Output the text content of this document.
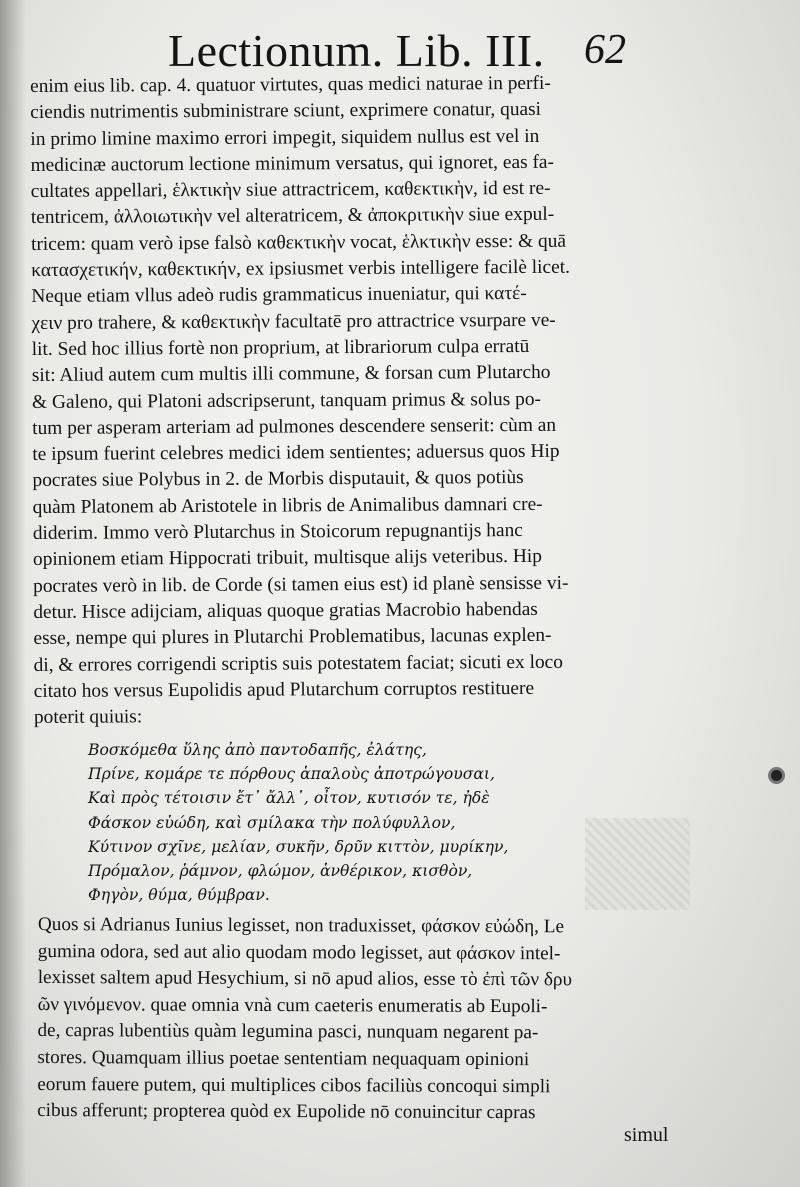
Lectionum. Lib. III. 62
enim eius lib. cap. 4. quatuor virtutes, quas medici naturae in perfi-
ciendis nutrimentis subministrare sciunt, exprimere conatur, quasi
in primo limine maximo errori impegit, siquidem nullus est vel in
medicinæ auctorum lectione minimum versatus, qui ignoret, eas fa-
cultates appellari, ἑλκτικὴν siue attractricem, καθεκτικὴν, id est re-
tentricem, ἀλλοιωτικὴν vel alteratricem, & ἀποκριτικὴν siue expul-
tricem: quam verò ipse falsò καθεκτικὴν vocat, ἑλκτικὴν esse: & quā
κατασχετικήν, καθεκτικήν, ex ipsiusmet verbis intelligere facilè licet.
Neque etiam vllus adeò rudis grammaticus inueniatur, qui κατέ-
χειν pro trahere, & καθεκτικὴν facultatē pro attractrice vsurpare ve-
lit. Sed hoc illius fortè non proprium, at librariorum culpa erratū
sit: Aliud autem cum multis illi commune, & forsan cum Plutarcho
& Galeno, qui Platoni adscripserunt, tanquam primus & solus po-
tum per asperam arteriam ad pulmones descendere senserit: cùm an
te ipsum fuerint celebres medici idem sentientes; aduersus quos Hip
pocrates siue Polybus in 2. de Morbis disputauit, & quos potiùs
quàm Platonem ab Aristotele in libris de Animalibus damnari cre-
diderim. Immo verò Plutarchus in Stoicorum repugnantijs hanc
opinionem etiam Hippocrati tribuit, multisque alijs veteribus. Hip
pocrates verò in lib. de Corde (si tamen eius est) id planè sensisse vi-
detur. Hisce adijciam, aliquas quoque gratias Macrobio habendas
esse, nempe qui plures in Plutarchi Problematibus, lacunas explen-
di, & errores corrigendi scriptis suis potestatem faciat; sicuti ex loco
citato hos versus Eupolidis apud Plutarchum corruptos restituere
poterit quiuis:
Βοσκόμεθα ὕλης ἀπὸ παντοδαπῆς, ἐλάτης,
Πρίνε, κομάρε τε πόρθους ἁπαλοὺς ἀποτρώγουσαι,
Καὶ πρὸς τέτοισιν ἔτ᾽ ἄλλ᾽, οἶτον, κυτισόν τε, ἠδὲ
Φάσκον εὐώδη, καὶ σμίλακα τὴν πολύφυλλον,
Κύτινον σχῖνε, μελίαν, συκῆν, δρῦν κιττὸν, μυρίκην,
Πρόμαλον, ῥάμνον, φλώμον, ἀνθέρικον, κισθὸν,
Φηγὸν, θύμα, θύμβραν.
Quos si Adrianus Iunius legisset, non traduxisset, φάσκον εὐώδη, Le
gumina odora, sed aut alio quodam modo legisset, aut φάσκον intel-
lexisset saltem apud Hesychium, si nō apud alios, esse τὸ ἐπὶ τῶν δρυ
ῶν γινόμενον. quae omnia vnà cum caeteris enumeratis ab Eupoli-
de, capras lubentiùs quàm legumina pasci, nunquam negarent pa-
stores. Quamquam illius poetae sententiam nequaquam opinioni
eorum fauere putem, qui multiplices cibos faciliùs concoqui simpli
cibus afferunt; propterea quòd ex Eupolide nō conuincitur capras
simul
